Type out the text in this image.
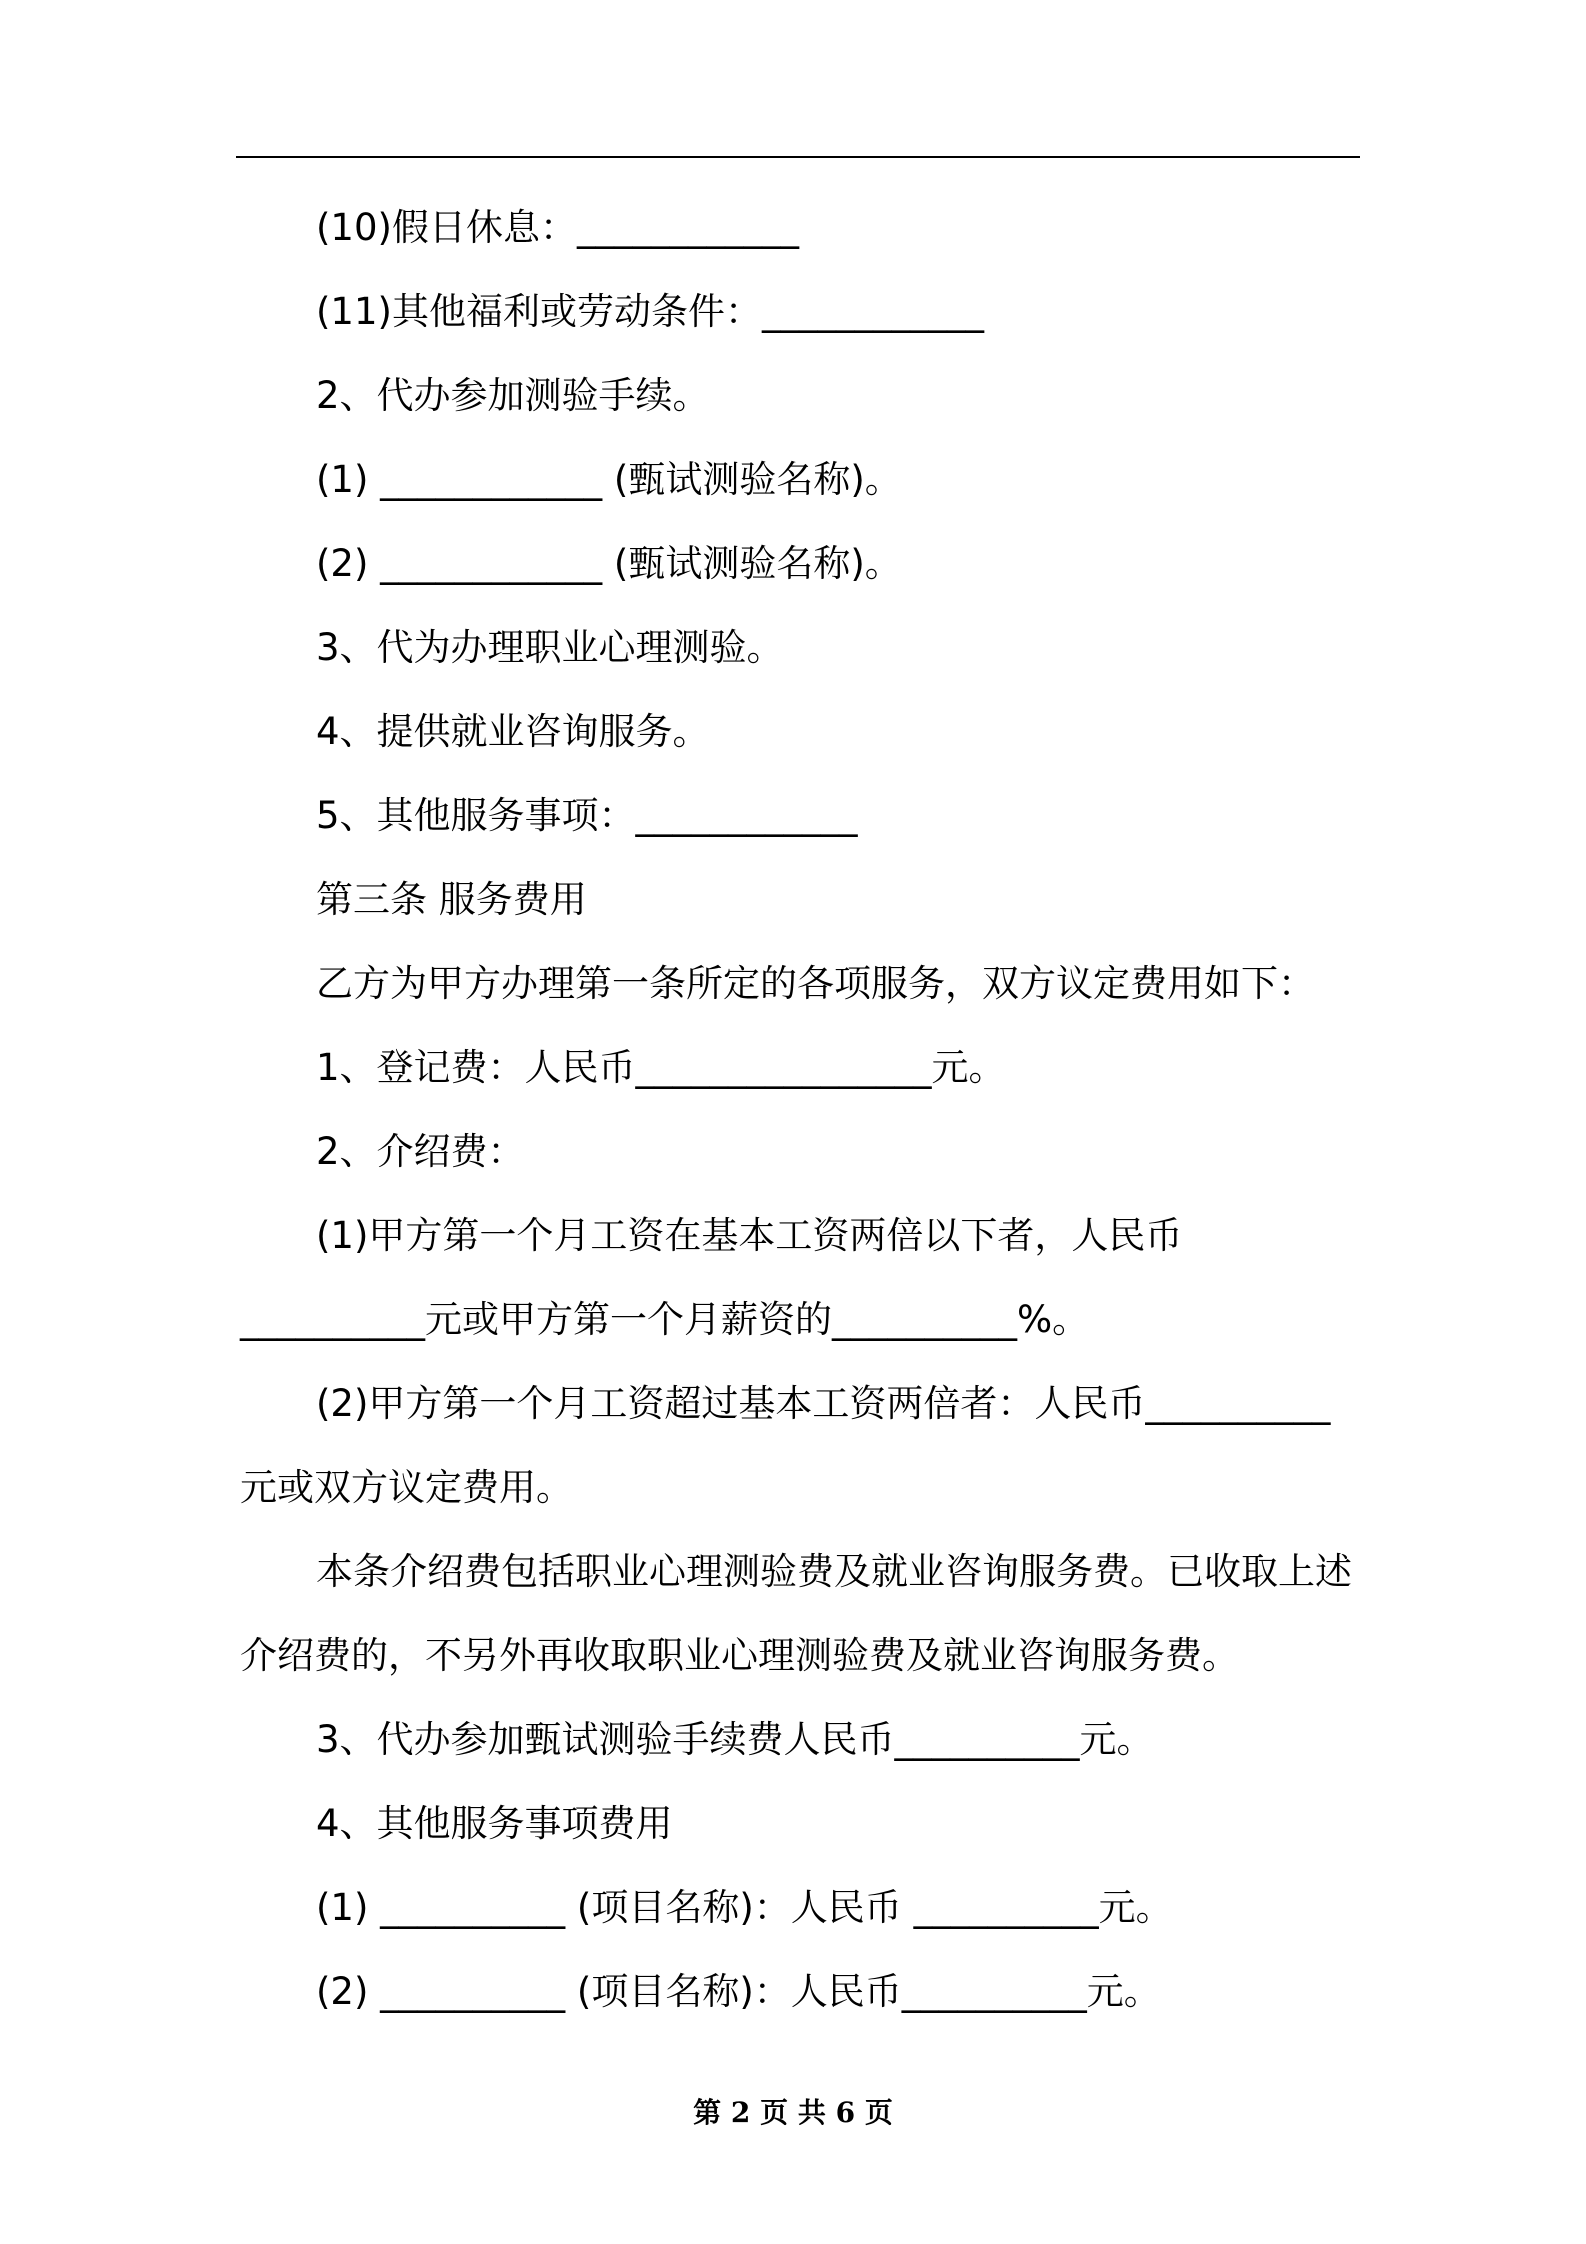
(10)假日休息：____________
(11)其他福利或劳动条件：____________
2、代办参加测验手续。
(1) ____________ (甄试测验名称)。
(2) ____________ (甄试测验名称)。
3、代为办理职业心理测验。
4、提供就业咨询服务。
5、其他服务事项：____________
第三条 服务费用
乙方为甲方办理第一条所定的各项服务，双方议定费用如下：
1、登记费：人民币________________元。
2、介绍费：
(1)甲方第一个月工资在基本工资两倍以下者，人民币
__________元或甲方第一个月薪资的__________%。
(2)甲方第一个月工资超过基本工资两倍者：人民币__________
元或双方议定费用。
本条介绍费包括职业心理测验费及就业咨询服务费。已收取上述
介绍费的，不另外再收取职业心理测验费及就业咨询服务费。
3、代办参加甄试测验手续费人民币__________元。
4、其他服务事项费用
(1) __________ (项目名称)：人民币 __________元。
(2) __________ (项目名称)：人民币__________元。
第 2 页 共 6 页
